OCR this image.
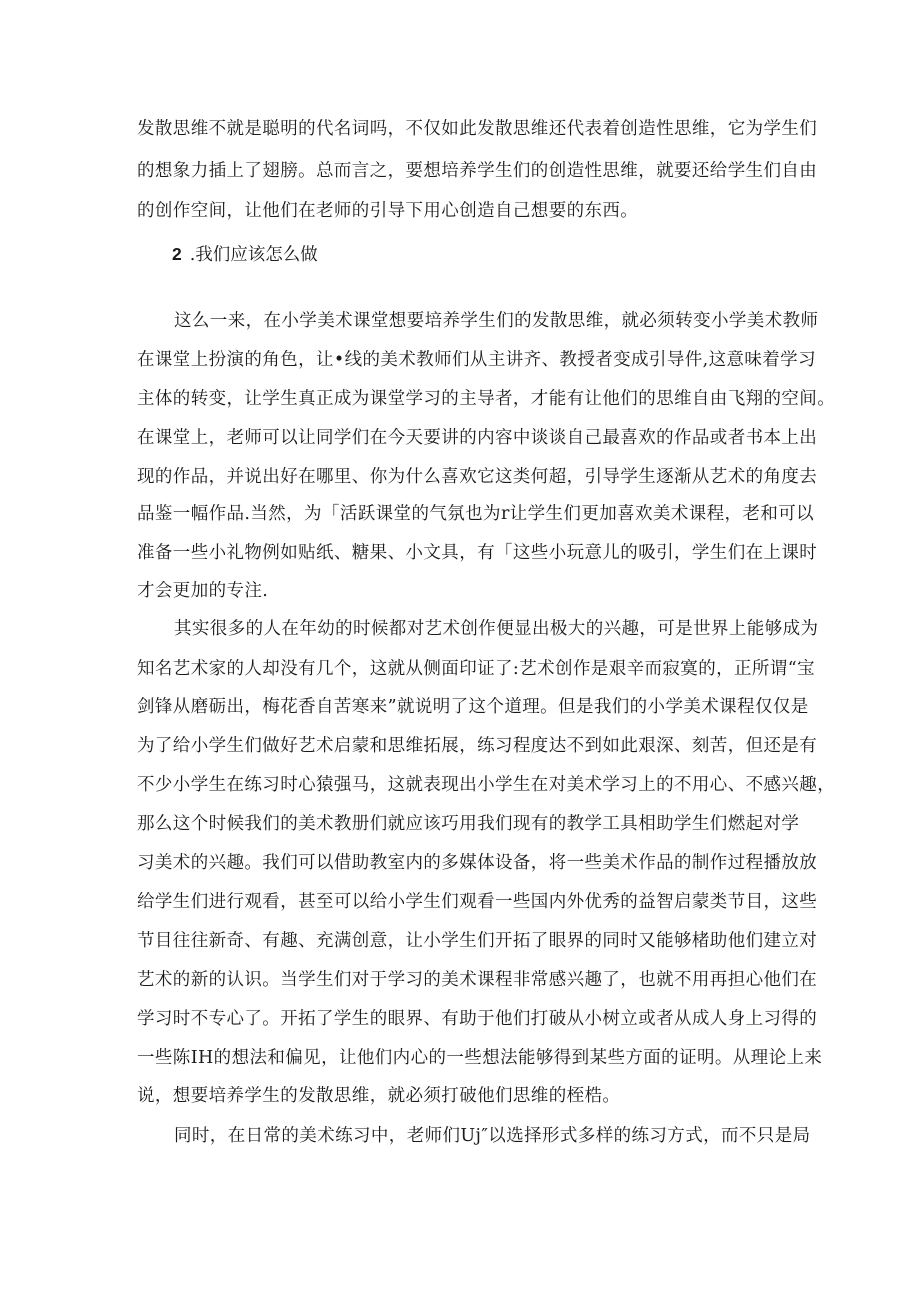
发散思维不就是聪明的代名词吗，不仅如此发散思维还代表着创造性思维，它为学生们
的想象力插上了翅膀。总而言之，要想培养学生们的创造性思维，就要还给学生们自由
的创作空间，让他们在老师的引导下用心创造自己想要的东西。
2 .我们应该怎么做
这么一来，在小学美术课堂想要培养学生们的发散思维，就必须转变小学美术教师
在课堂上扮演的角色，让•线的美术教师们从主讲齐、教授者变成引导件,这意味着学习
主体的转变，让学生真正成为课堂学习的主导者，才能有让他们的思维自由飞翔的空间。
在课堂上，老师可以让同学们在今天要讲的内容中谈谈自己最喜欢的作品或者书本上出
现的作品，并说出好在哪里、你为什么喜欢它这类何超，引导学生逐渐从艺术的角度去
品鉴一幅作品.当然，为「活跃课堂的气氛也为r让学生们更加喜欢美术课程，老和可以
准备一些小礼物例如贴纸、糖果、小文具，有「这些小玩意儿的吸引，学生们在上课时
才会更加的专注.
其实很多的人在年幼的时候都对艺术创作便显出极大的兴趣，可是世界上能够成为
知名艺术家的人却没有几个，这就从侧面印证了:艺术创作是艰辛而寂寞的，正所谓“宝
剑锋从磨砺出，梅花香自苦寒来”就说明了这个道理。但是我们的小学美术课程仅仅是
为了给小学生们做好艺术启蒙和思维拓展，练习程度达不到如此艰深、刻苦，但还是有
不少小学生在练习时心猿强马，这就表现出小学生在对美术学习上的不用心、不感兴趣，
那么这个时候我们的美术教册们就应该巧用我们现有的教学工具相助学生们燃起对学
习美术的兴趣。我们可以借助教室内的多媒体设备，将一些美术作品的制作过程播放放
给学生们进行观看，甚至可以给小学生们观看一些国内外优秀的益智启蒙类节目，这些
节目往往新奇、有趣、充满创意，让小学生们开拓了眼界的同时又能够楮助他们建立对
艺术的新的认识。当学生们对于学习的美术课程非常感兴趣了，也就不用再担心他们在
学习时不专心了。开拓了学生的眼界、有助于他们打破从小树立或者从成人身上习得的
一些陈IH的想法和偏见，让他们内心的一些想法能够得到某些方面的证明。从理论上来
说，想要培养学生的发散思维，就必须打破他们思维的桎梏。
同时，在日常的美术练习中，老师们Uj″以选择形式多样的练习方式，而不只是局
